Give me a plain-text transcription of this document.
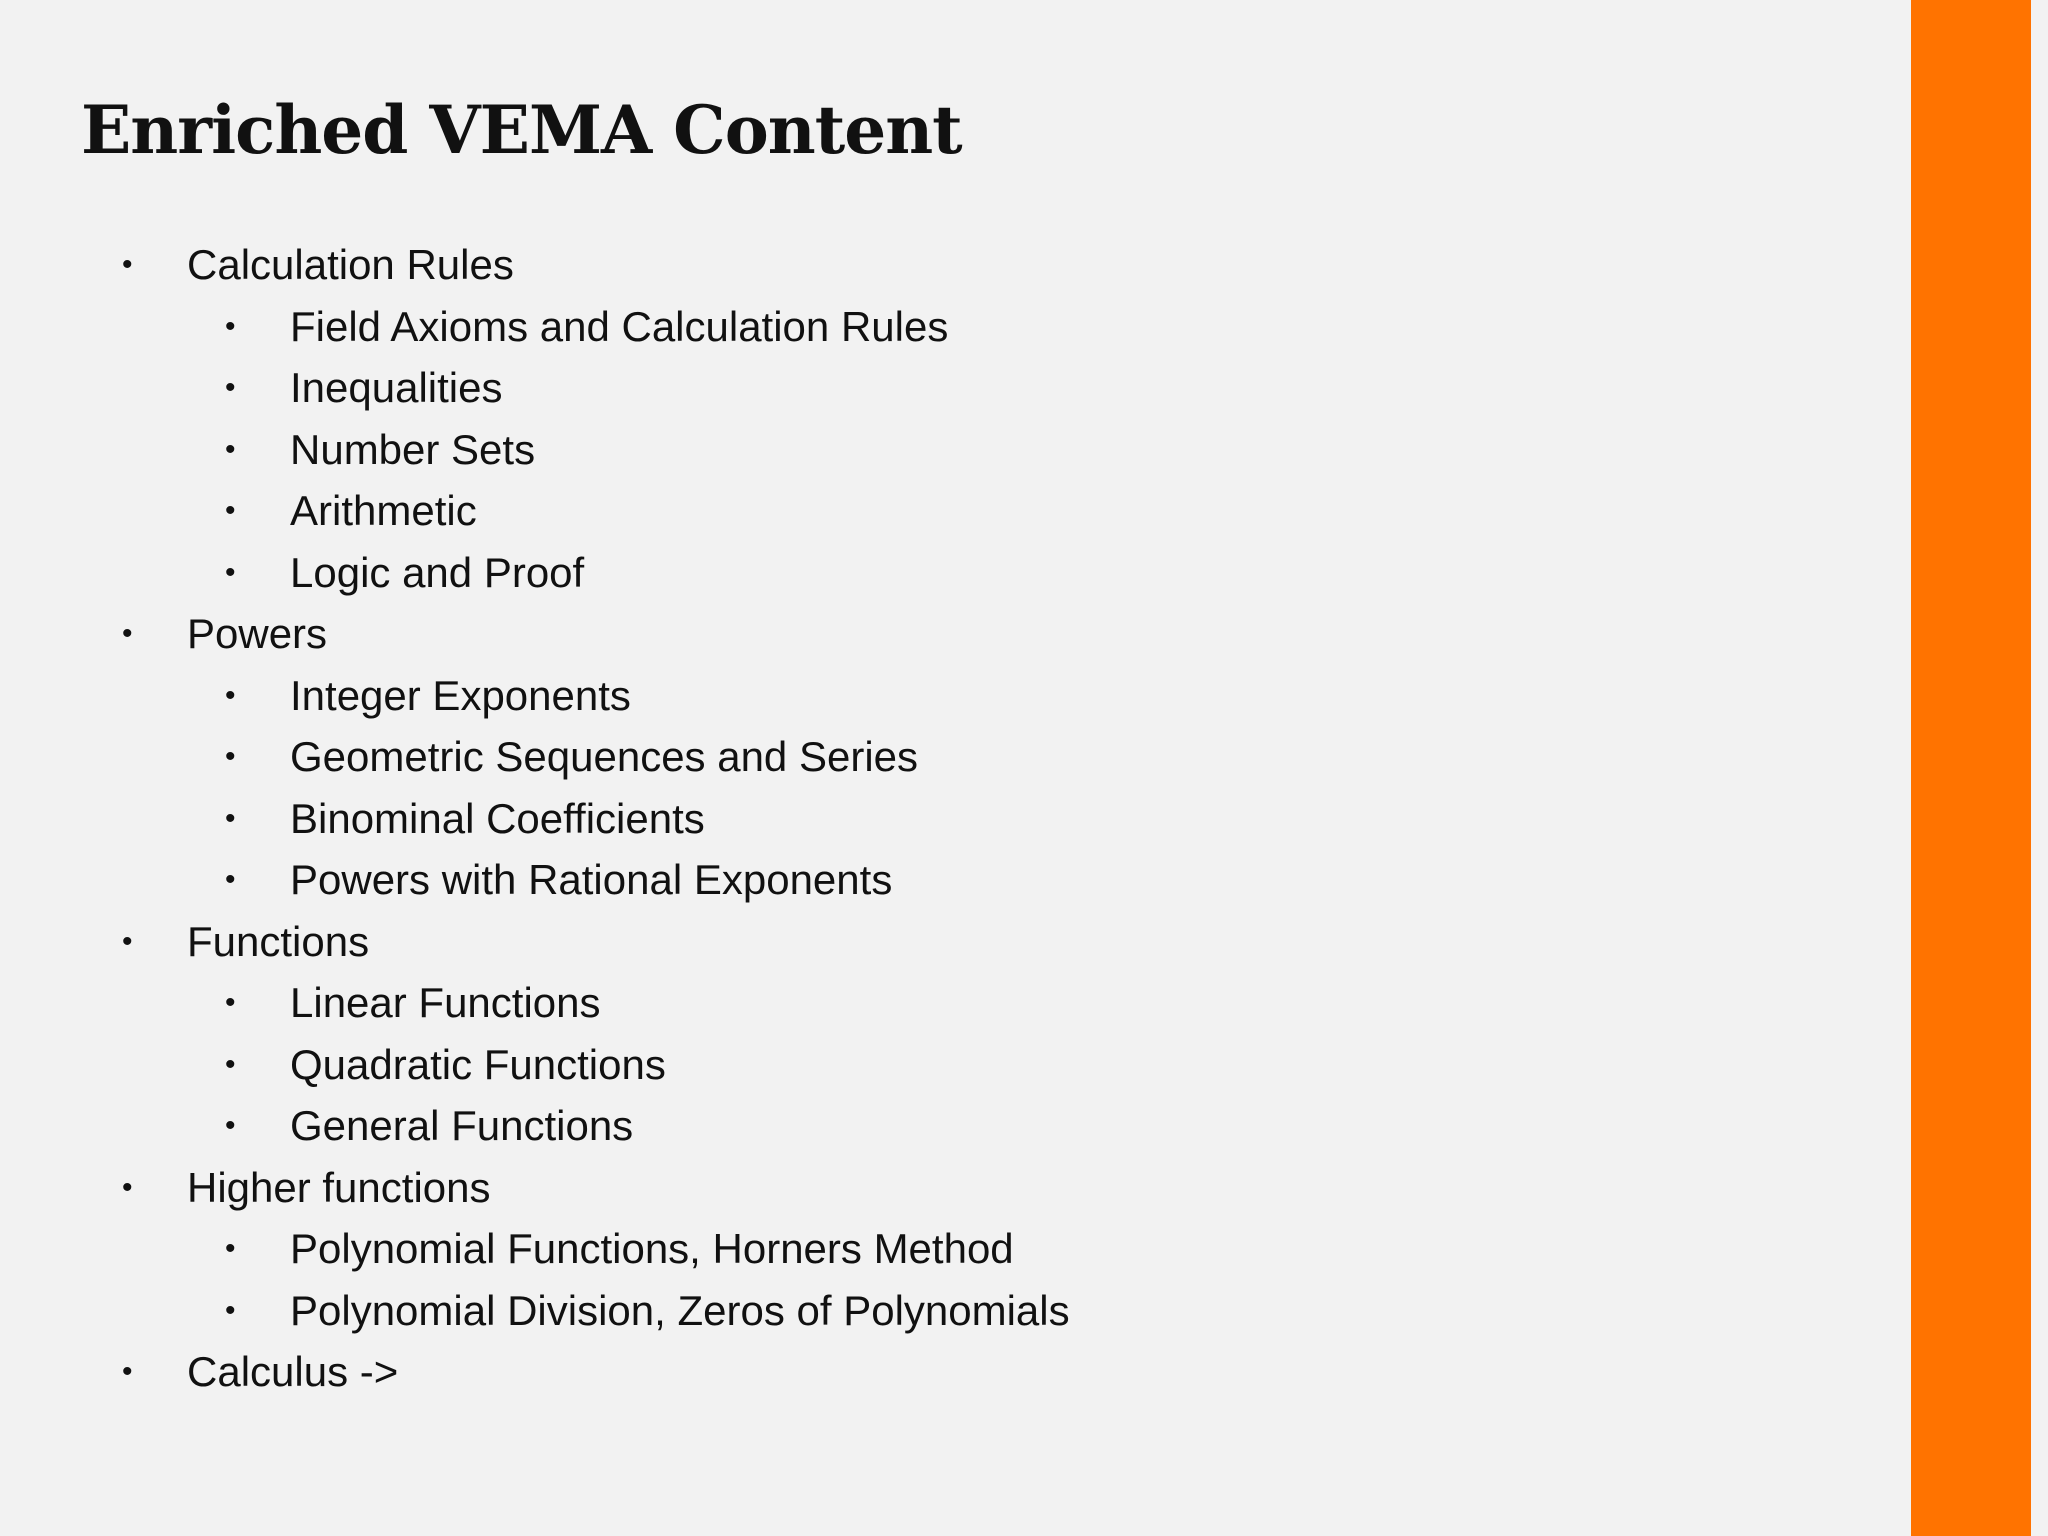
Enriched VEMA Content
• Calculation Rules
• Field Axioms and Calculation Rules
• Inequalities
• Number Sets
• Arithmetic
• Logic and Proof
• Powers
• Integer Exponents
• Geometric Sequences and Series
• Binominal Coefficients
• Powers with Rational Exponents
• Functions
• Linear Functions
• Quadratic Functions
• General Functions
• Higher functions
• Polynomial Functions, Horners Method
• Polynomial Division, Zeros of Polynomials
• Calculus ->
